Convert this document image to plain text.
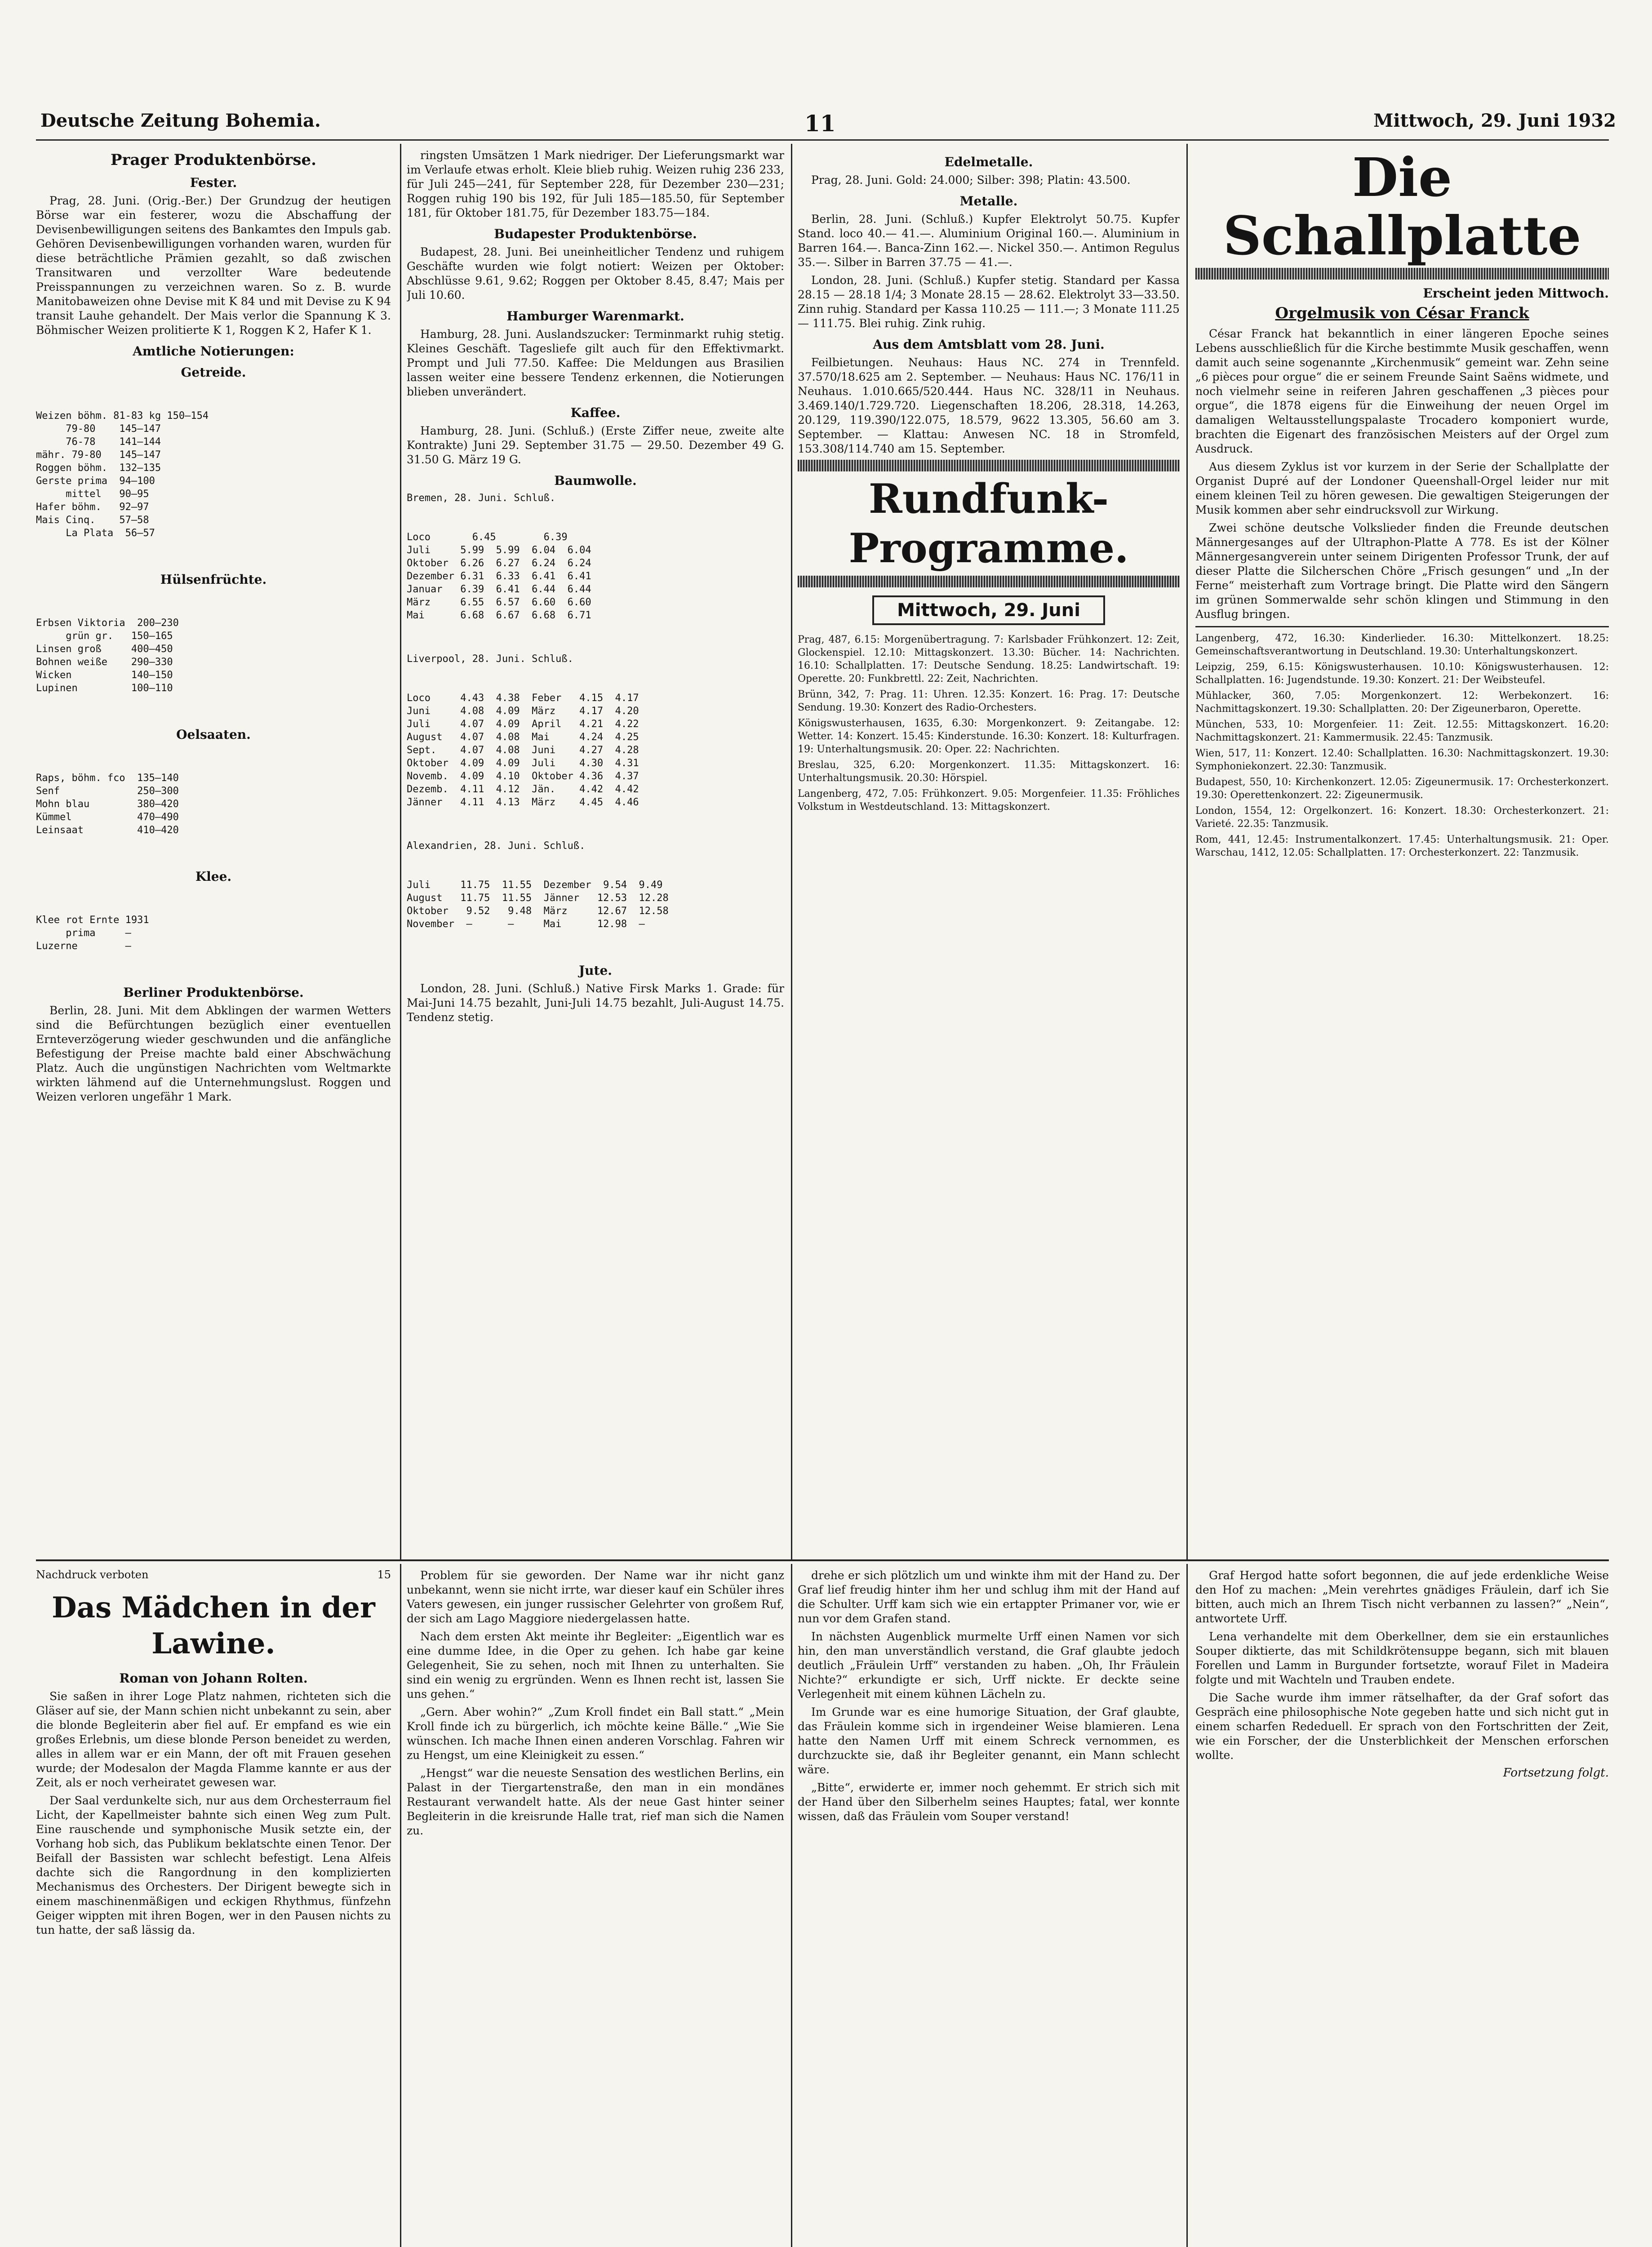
Deutsche Zeitung Bohemia.	11	Mittwoch, 29. Juni 1932
Prager Produktenbörse.
Fester.

Prag, 28. Juni. (Orig.-Ber.) Der Grundzug der heutigen Börse war ein festerer, wozu die Abschaffung der Devisenbewilligungen seitens des Bankamtes den Impuls gab. Gehören Devisenbewilligungen vorhanden waren, wurden für diese beträchtliche Prämien gezahlt, so daß zwischen Transitwaren und verzollter Ware bedeutende Preisspannungen zu verzeichnen waren. So z. B. wurde Manitobaweizen ohne Devise mit K 84 und mit Devise zu K 94 transit Lauhe gehandelt. Der Mais verlor die Spannung K 3. Böhmischer Weizen prolitierte K 1, Roggen K 2, Hafer K 1.

Amtliche Notierungen:
Getreide.

Weizen böhm. 81-83 kg 150—154
79-80    145—147
76-78    141—144
mähr. 79-80   145—147
Roggen böhm.  132—135
Gerste prima  94—100
mittel   90—95
Hafer böhm.   92—97
Mais Cinq.    57—58
La Plata  56—57

Hülsenfrüchte.

Erbsen Viktoria  200—230
grün gr.   150—165
Linsen groß     400—450
Bohnen weiße    290—330
Wicken          140—150
Lupinen         100—110

Oelsaaten.

Raps, böhm. fco  135—140
Senf             250—300
Mohn blau        380—420
Kümmel           470—490
Leinsaat         410—420

Klee.

Klee rot Ernte 1931
prima     —
Luzerne        —

Berliner Produktenbörse.

Berlin, 28. Juni. Mit dem Abklingen der warmen Wetters sind die Befürchtungen bezüglich einer eventuellen Ernteverzögerung wieder geschwunden und die anfängliche Befestigung der Preise machte bald einer Abschwächung Platz. Auch die ungünstigen Nachrichten vom Weltmarkte wirkten lähmend auf die Unternehmungslust. Roggen und Weizen verloren ungefähr 1 Mark.

ringsten Umsätzen 1 Mark niedriger. Der Lieferungsmarkt war im Verlaufe etwas erholt. Kleie blieb ruhig. Weizen ruhig 236 233, für Juli 245—241, für September 228, für Dezember 230—231; Roggen ruhig 190 bis 192, für Juli 185—185.50, für September 181, für Oktober 181.75, für Dezember 183.75—184.

Budapester Produktenbörse.

Budapest, 28. Juni. Bei uneinheitlicher Tendenz und ruhigem Geschäfte wurden wie folgt notiert: Weizen per Oktober: Abschlüsse 9.61, 9.62; Roggen per Oktober 8.45, 8.47; Mais per Juli 10.60.

Hamburger Warenmarkt.

Hamburg, 28. Juni. Auslandszucker: Terminmarkt ruhig stetig. Kleines Geschäft. Tagesliefe gilt auch für den Effektivmarkt. Prompt und Juli 77.50. Kaffee: Die Meldungen aus Brasilien lassen weiter eine bessere Tendenz erkennen, die Notierungen blieben unverändert.

Kaffee.

Hamburg, 28. Juni. (Schluß.) (Erste Ziffer neue, zweite alte Kontrakte) Juni 29. September 31.75 — 29.50. Dezember 49 G. 31.50 G. März 19 G.

Baumwolle.
Bremen, 28. Juni. Schluß.

Loco       6.45        6.39
Juli     5.99  5.99  6.04  6.04
Oktober  6.26  6.27  6.24  6.24
Dezember 6.31  6.33  6.41  6.41
Januar   6.39  6.41  6.44  6.44
März     6.55  6.57  6.60  6.60
Mai      6.68  6.67  6.68  6.71

Liverpool, 28. Juni. Schluß.

Loco     4.43  4.38  Feber   4.15  4.17
Juni     4.08  4.09  März    4.17  4.20
Juli     4.07  4.09  April   4.21  4.22
August   4.07  4.08  Mai     4.24  4.25
Sept.    4.07  4.08  Juni    4.27  4.28
Oktober  4.09  4.09  Juli    4.30  4.31
Novemb.  4.09  4.10  Oktober 4.36  4.37
Dezemb.  4.11  4.12  Jän.    4.42  4.42
Jänner   4.11  4.13  März    4.45  4.46

Alexandrien, 28. Juni. Schluß.

Juli     11.75  11.55  Dezember  9.54  9.49
August   11.75  11.55  Jänner   12.53  12.28
Oktober   9.52   9.48  März     12.67  12.58
November  —      —     Mai      12.98  —

Jute.

London, 28. Juni. (Schluß.) Native Firsk Marks 1. Grade: für Mai-Juni 14.75 bezahlt, Juni-Juli 14.75 bezahlt, Juli-August 14.75. Tendenz stetig.

Edelmetalle.

Prag, 28. Juni. Gold: 24.000; Silber: 398; Platin: 43.500.

Metalle.

Berlin, 28. Juni. (Schluß.) Kupfer Elektrolyt 50.75. Kupfer Stand. loco 40.— 41.—. Aluminium Original 160.—. Aluminium in Barren 164.—. Banca-Zinn 162.—. Nickel 350.—. Antimon Regulus 35.—. Silber in Barren 37.75 — 41.—.

London, 28. Juni. (Schluß.) Kupfer stetig. Standard per Kassa 28.15 — 28.18 1/4; 3 Monate 28.15 — 28.62. Elektrolyt 33—33.50. Zinn ruhig. Standard per Kassa 110.25 — 111.—; 3 Monate 111.25 — 111.75. Blei ruhig. Zink ruhig.

Aus dem Amtsblatt vom 28. Juni.

Feilbietungen. Neuhaus: Haus NC. 274 in Trennfeld. 37.570/18.625 am 2. September. — Neuhaus: Haus NC. 176/11 in Neuhaus. 1.010.665/520.444. Haus NC. 328/11 in Neuhaus. 3.469.140/1.729.720. Liegenschaften 18.206, 28.318, 14.263, 20.129, 119.390/122.075, 18.579, 9622 13.305, 56.60 am 3. September. — Klattau: Anwesen NC. 18 in Stromfeld, 153.308/114.740 am 15. September.

Rundfunk-Programme.
Mittwoch, 29. Juni

Prag, 487, 6.15: Morgenübertragung. 7: Karlsbader Frühkonzert. 12: Zeit, Glockenspiel. 12.10: Mittagskonzert. 13.30: Bücher. 14: Nachrichten. 16.10: Schallplatten. 17: Deutsche Sendung. 18.25: Landwirtschaft. 19: Operette. 20: Funkbrettl. 22: Zeit, Nachrichten.

Brünn, 342, 7: Prag. 11: Uhren. 12.35: Konzert. 16: Prag. 17: Deutsche Sendung. 19.30: Konzert des Radio-Orchesters.

Königswusterhausen, 1635, 6.30: Morgenkonzert. 9: Zeitangabe. 12: Wetter. 14: Konzert. 15.45: Kinderstunde. 16.30: Konzert. 18: Kulturfragen. 19: Unterhaltungsmusik. 20: Oper. 22: Nachrichten.

Breslau, 325, 6.20: Morgenkonzert. 11.35: Mittagskonzert. 16: Unterhaltungsmusik. 20.30: Hörspiel.

Langenberg, 472, 7.05: Frühkonzert. 9.05: Morgenfeier. 11.35: Fröhliches Volkstum in Westdeutschland. 13: Mittagskonzert.

Die Schallplatte
Erscheint jeden Mittwoch.
Orgelmusik von César Franck

César Franck hat bekanntlich in einer längeren Epoche seines Lebens ausschließlich für die Kirche bestimmte Musik geschaffen, wenn damit auch seine sogenannte „Kirchenmusik“ gemeint war. Zehn seine „6 pièces pour orgue“ die er seinem Freunde Saint Saëns widmete, und noch vielmehr seine in reiferen Jahren geschaffenen „3 pièces pour orgue“, die 1878 eigens für die Einweihung der neuen Orgel im damaligen Weltausstellungspalaste Trocadero komponiert wurde, brachten die Eigenart des französischen Meisters auf der Orgel zum Ausdruck.

Aus diesem Zyklus ist vor kurzem in der Serie der Schallplatte der Organist Dupré auf der Londoner Queenshall-Orgel leider nur mit einem kleinen Teil zu hören gewesen. Die gewaltigen Steigerungen der Musik kommen aber sehr eindrucksvoll zur Wirkung.

Zwei schöne deutsche Volkslieder finden die Freunde deutschen Männergesanges auf der Ultraphon-Platte A 778. Es ist der Kölner Männergesangverein unter seinem Dirigenten Professor Trunk, der auf dieser Platte die Silcherschen Chöre „Frisch gesungen“ und „In der Ferne“ meisterhaft zum Vortrage bringt. Die Platte wird den Sängern im grünen Sommerwalde sehr schön klingen und Stimmung in den Ausflug bringen.

Langenberg, 472, 16.30: Kinderlieder. 16.30: Mittelkonzert. 18.25: Gemeinschaftsverantwortung in Deutschland. 19.30: Unterhaltungskonzert.

Leipzig, 259, 6.15: Königswusterhausen. 10.10: Königswusterhausen. 12: Schallplatten. 16: Jugendstunde. 19.30: Konzert. 21: Der Weibsteufel.

Mühlacker, 360, 7.05: Morgenkonzert. 12: Werbekonzert. 16: Nachmittagskonzert. 19.30: Schallplatten. 20: Der Zigeunerbaron, Operette.

München, 533, 10: Morgenfeier. 11: Zeit. 12.55: Mittagskonzert. 16.20: Nachmittagskonzert. 21: Kammermusik. 22.45: Tanzmusik.

Wien, 517, 11: Konzert. 12.40: Schallplatten. 16.30: Nachmittagskonzert. 19.30: Symphoniekonzert. 22.30: Tanzmusik.

Budapest, 550, 10: Kirchenkonzert. 12.05: Zigeunermusik. 17: Orchesterkonzert. 19.30: Operettenkonzert. 22: Zigeunermusik.

London, 1554, 12: Orgelkonzert. 16: Konzert. 18.30: Orchesterkonzert. 21: Varieté. 22.35: Tanzmusik.

Rom, 441, 12.45: Instrumentalkonzert. 17.45: Unterhaltungsmusik. 21: Oper. Warschau, 1412, 12.05: Schallplatten. 17: Orchesterkonzert. 22: Tanzmusik.

Nachdruck verboten	15
Das Mädchen in der Lawine.
Roman von Johann Rolten.

Sie saßen in ihrer Loge Platz nahmen, richteten sich die Gläser auf sie, der Mann schien nicht unbekannt zu sein, aber die blonde Begleiterin aber fiel auf. Er empfand es wie ein großes Erlebnis, um diese blonde Person beneidet zu werden, alles in allem war er ein Mann, der oft mit Frauen gesehen wurde; der Modesalon der Magda Flamme kannte er aus der Zeit, als er noch verheiratet gewesen war.

Der Saal verdunkelte sich, nur aus dem Orchesterraum fiel Licht, der Kapellmeister bahnte sich einen Weg zum Pult. Eine rauschende und symphonische Musik setzte ein, der Vorhang hob sich, das Publikum beklatschte einen Tenor. Der Beifall der Bassisten war schlecht befestigt. Lena Alfeis dachte sich die Rangordnung in den komplizierten Mechanismus des Orchesters. Der Dirigent bewegte sich in einem maschinenmäßigen und eckigen Rhythmus, fünfzehn Geiger wippten mit ihren Bogen, wer in den Pausen nichts zu tun hatte, der saß lässig da.

Problem für sie geworden. Der Name war ihr nicht ganz unbekannt, wenn sie nicht irrte, war dieser kauf ein Schüler ihres Vaters gewesen, ein junger russischer Gelehrter von großem Ruf, der sich am Lago Maggiore niedergelassen hatte.

Nach dem ersten Akt meinte ihr Begleiter: „Eigentlich war es eine dumme Idee, in die Oper zu gehen. Ich habe gar keine Gelegenheit, Sie zu sehen, noch mit Ihnen zu unterhalten. Sie sind ein wenig zu ergründen. Wenn es Ihnen recht ist, lassen Sie uns gehen.“

„Gern. Aber wohin?“ „Zum Kroll findet ein Ball statt.“ „Mein Kroll finde ich zu bürgerlich, ich möchte keine Bälle.“ „Wie Sie wünschen. Ich mache Ihnen einen anderen Vorschlag. Fahren wir zu Hengst, um eine Kleinigkeit zu essen.“

„Hengst“ war die neueste Sensation des westlichen Berlins, ein Palast in der Tiergartenstraße, den man in ein mondänes Restaurant verwandelt hatte. Als der neue Gast hinter seiner Begleiterin in die kreisrunde Halle trat, rief man sich die Namen zu.

drehe er sich plötzlich um und winkte ihm mit der Hand zu. Der Graf lief freudig hinter ihm her und schlug ihm mit der Hand auf die Schulter. Urff kam sich wie ein ertappter Primaner vor, wie er nun vor dem Grafen stand.

In nächsten Augenblick murmelte Urff einen Namen vor sich hin, den man unverständlich verstand, die Graf glaubte jedoch deutlich „Fräulein Urff“ verstanden zu haben. „Oh, Ihr Fräulein Nichte?“ erkundigte er sich, Urff nickte. Er deckte seine Verlegenheit mit einem kühnen Lächeln zu.

Im Grunde war es eine humorige Situation, der Graf glaubte, das Fräulein komme sich in irgendeiner Weise blamieren. Lena hatte den Namen Urff mit einem Schreck vernommen, es durchzuckte sie, daß ihr Begleiter genannt, ein Mann schlecht wäre.

„Bitte“, erwiderte er, immer noch gehemmt. Er strich sich mit der Hand über den Silberhelm seines Hauptes; fatal, wer konnte wissen, daß das Fräulein vom Souper verstand!

Graf Hergod hatte sofort begonnen, die auf jede erdenkliche Weise den Hof zu machen: „Mein verehrtes gnädiges Fräulein, darf ich Sie bitten, auch mich an Ihrem Tisch nicht verbannen zu lassen?“ „Nein“, antwortete Urff.

Lena verhandelte mit dem Oberkellner, dem sie ein erstaunliches Souper diktierte, das mit Schildkrötensuppe begann, sich mit blauen Forellen und Lamm in Burgunder fortsetzte, worauf Filet in Madeira folgte und mit Wachteln und Trauben endete.

Die Sache wurde ihm immer rätselhafter, da der Graf sofort das Gespräch eine philosophische Note gegeben hatte und sich nicht gut in einem scharfen Rededuell. Er sprach von den Fortschritten der Zeit, wie ein Forscher, der die Unsterblichkeit der Menschen erforschen wollte.

Fortsetzung folgt.
